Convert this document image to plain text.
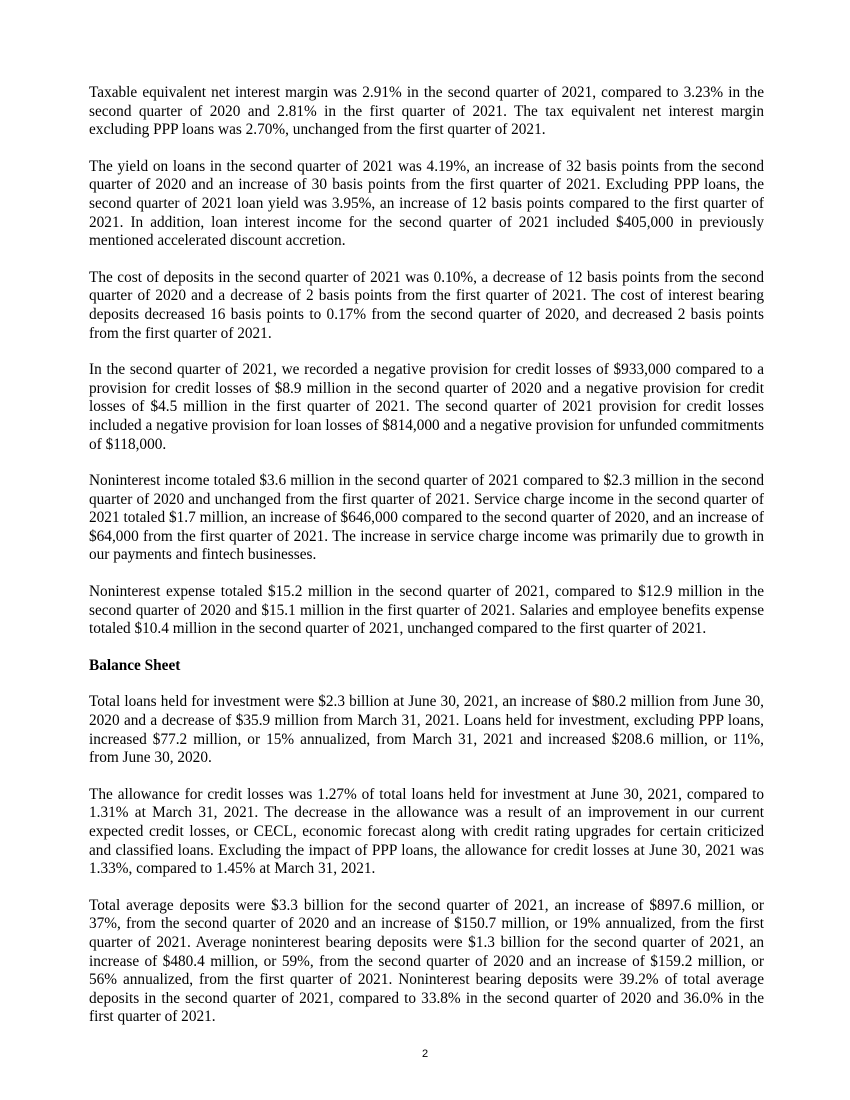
Taxable equivalent net interest margin was 2.91% in the second quarter of 2021, compared to 3.23% in the second quarter of 2020 and 2.81% in the first quarter of 2021. The tax equivalent net interest margin excluding PPP loans was 2.70%, unchanged from the first quarter of 2021.

The yield on loans in the second quarter of 2021 was 4.19%, an increase of 32 basis points from the second quarter of 2020 and an increase of 30 basis points from the first quarter of 2021. Excluding PPP loans, the second quarter of 2021 loan yield was 3.95%, an increase of 12 basis points compared to the first quarter of 2021. In addition, loan interest income for the second quarter of 2021 included $405,000 in previously mentioned accelerated discount accretion.

The cost of deposits in the second quarter of 2021 was 0.10%, a decrease of 12 basis points from the second quarter of 2020 and a decrease of 2 basis points from the first quarter of 2021. The cost of interest bearing deposits decreased 16 basis points to 0.17% from the second quarter of 2020, and decreased 2 basis points from the first quarter of 2021.

In the second quarter of 2021, we recorded a negative provision for credit losses of $933,000 compared to a provision for credit losses of $8.9 million in the second quarter of 2020 and a negative provision for credit losses of $4.5 million in the first quarter of 2021. The second quarter of 2021 provision for credit losses included a negative provision for loan losses of $814,000 and a negative provision for unfunded commitments of $118,000.

Noninterest income totaled $3.6 million in the second quarter of 2021 compared to $2.3 million in the second quarter of 2020 and unchanged from the first quarter of 2021. Service charge income in the second quarter of 2021 totaled $1.7 million, an increase of $646,000 compared to the second quarter of 2020, and an increase of $64,000 from the first quarter of 2021. The increase in service charge income was primarily due to growth in our payments and fintech businesses.

Noninterest expense totaled $15.2 million in the second quarter of 2021, compared to $12.9 million in the second quarter of 2020 and $15.1 million in the first quarter of 2021. Salaries and employee benefits expense totaled $10.4 million in the second quarter of 2021, unchanged compared to the first quarter of 2021.

Balance Sheet

Total loans held for investment were $2.3 billion at June 30, 2021, an increase of $80.2 million from June 30, 2020 and a decrease of $35.9 million from March 31, 2021. Loans held for investment, excluding PPP loans, increased $77.2 million, or 15% annualized, from March 31, 2021 and increased $208.6 million, or 11%, from June 30, 2020.

The allowance for credit losses was 1.27% of total loans held for investment at June 30, 2021, compared to 1.31% at March 31, 2021. The decrease in the allowance was a result of an improvement in our current expected credit losses, or CECL, economic forecast along with credit rating upgrades for certain criticized and classified loans. Excluding the impact of PPP loans, the allowance for credit losses at June 30, 2021 was 1.33%, compared to 1.45% at March 31, 2021.

Total average deposits were $3.3 billion for the second quarter of 2021, an increase of $897.6 million, or 37%, from the second quarter of 2020 and an increase of $150.7 million, or 19% annualized, from the first quarter of 2021. Average noninterest bearing deposits were $1.3 billion for the second quarter of 2021, an increase of $480.4 million, or 59%, from the second quarter of 2020 and an increase of $159.2 million, or 56% annualized, from the first quarter of 2021. Noninterest bearing deposits were 39.2% of total average deposits in the second quarter of 2021, compared to 33.8% in the second quarter of 2020 and 36.0% in the first quarter of 2021.

2
